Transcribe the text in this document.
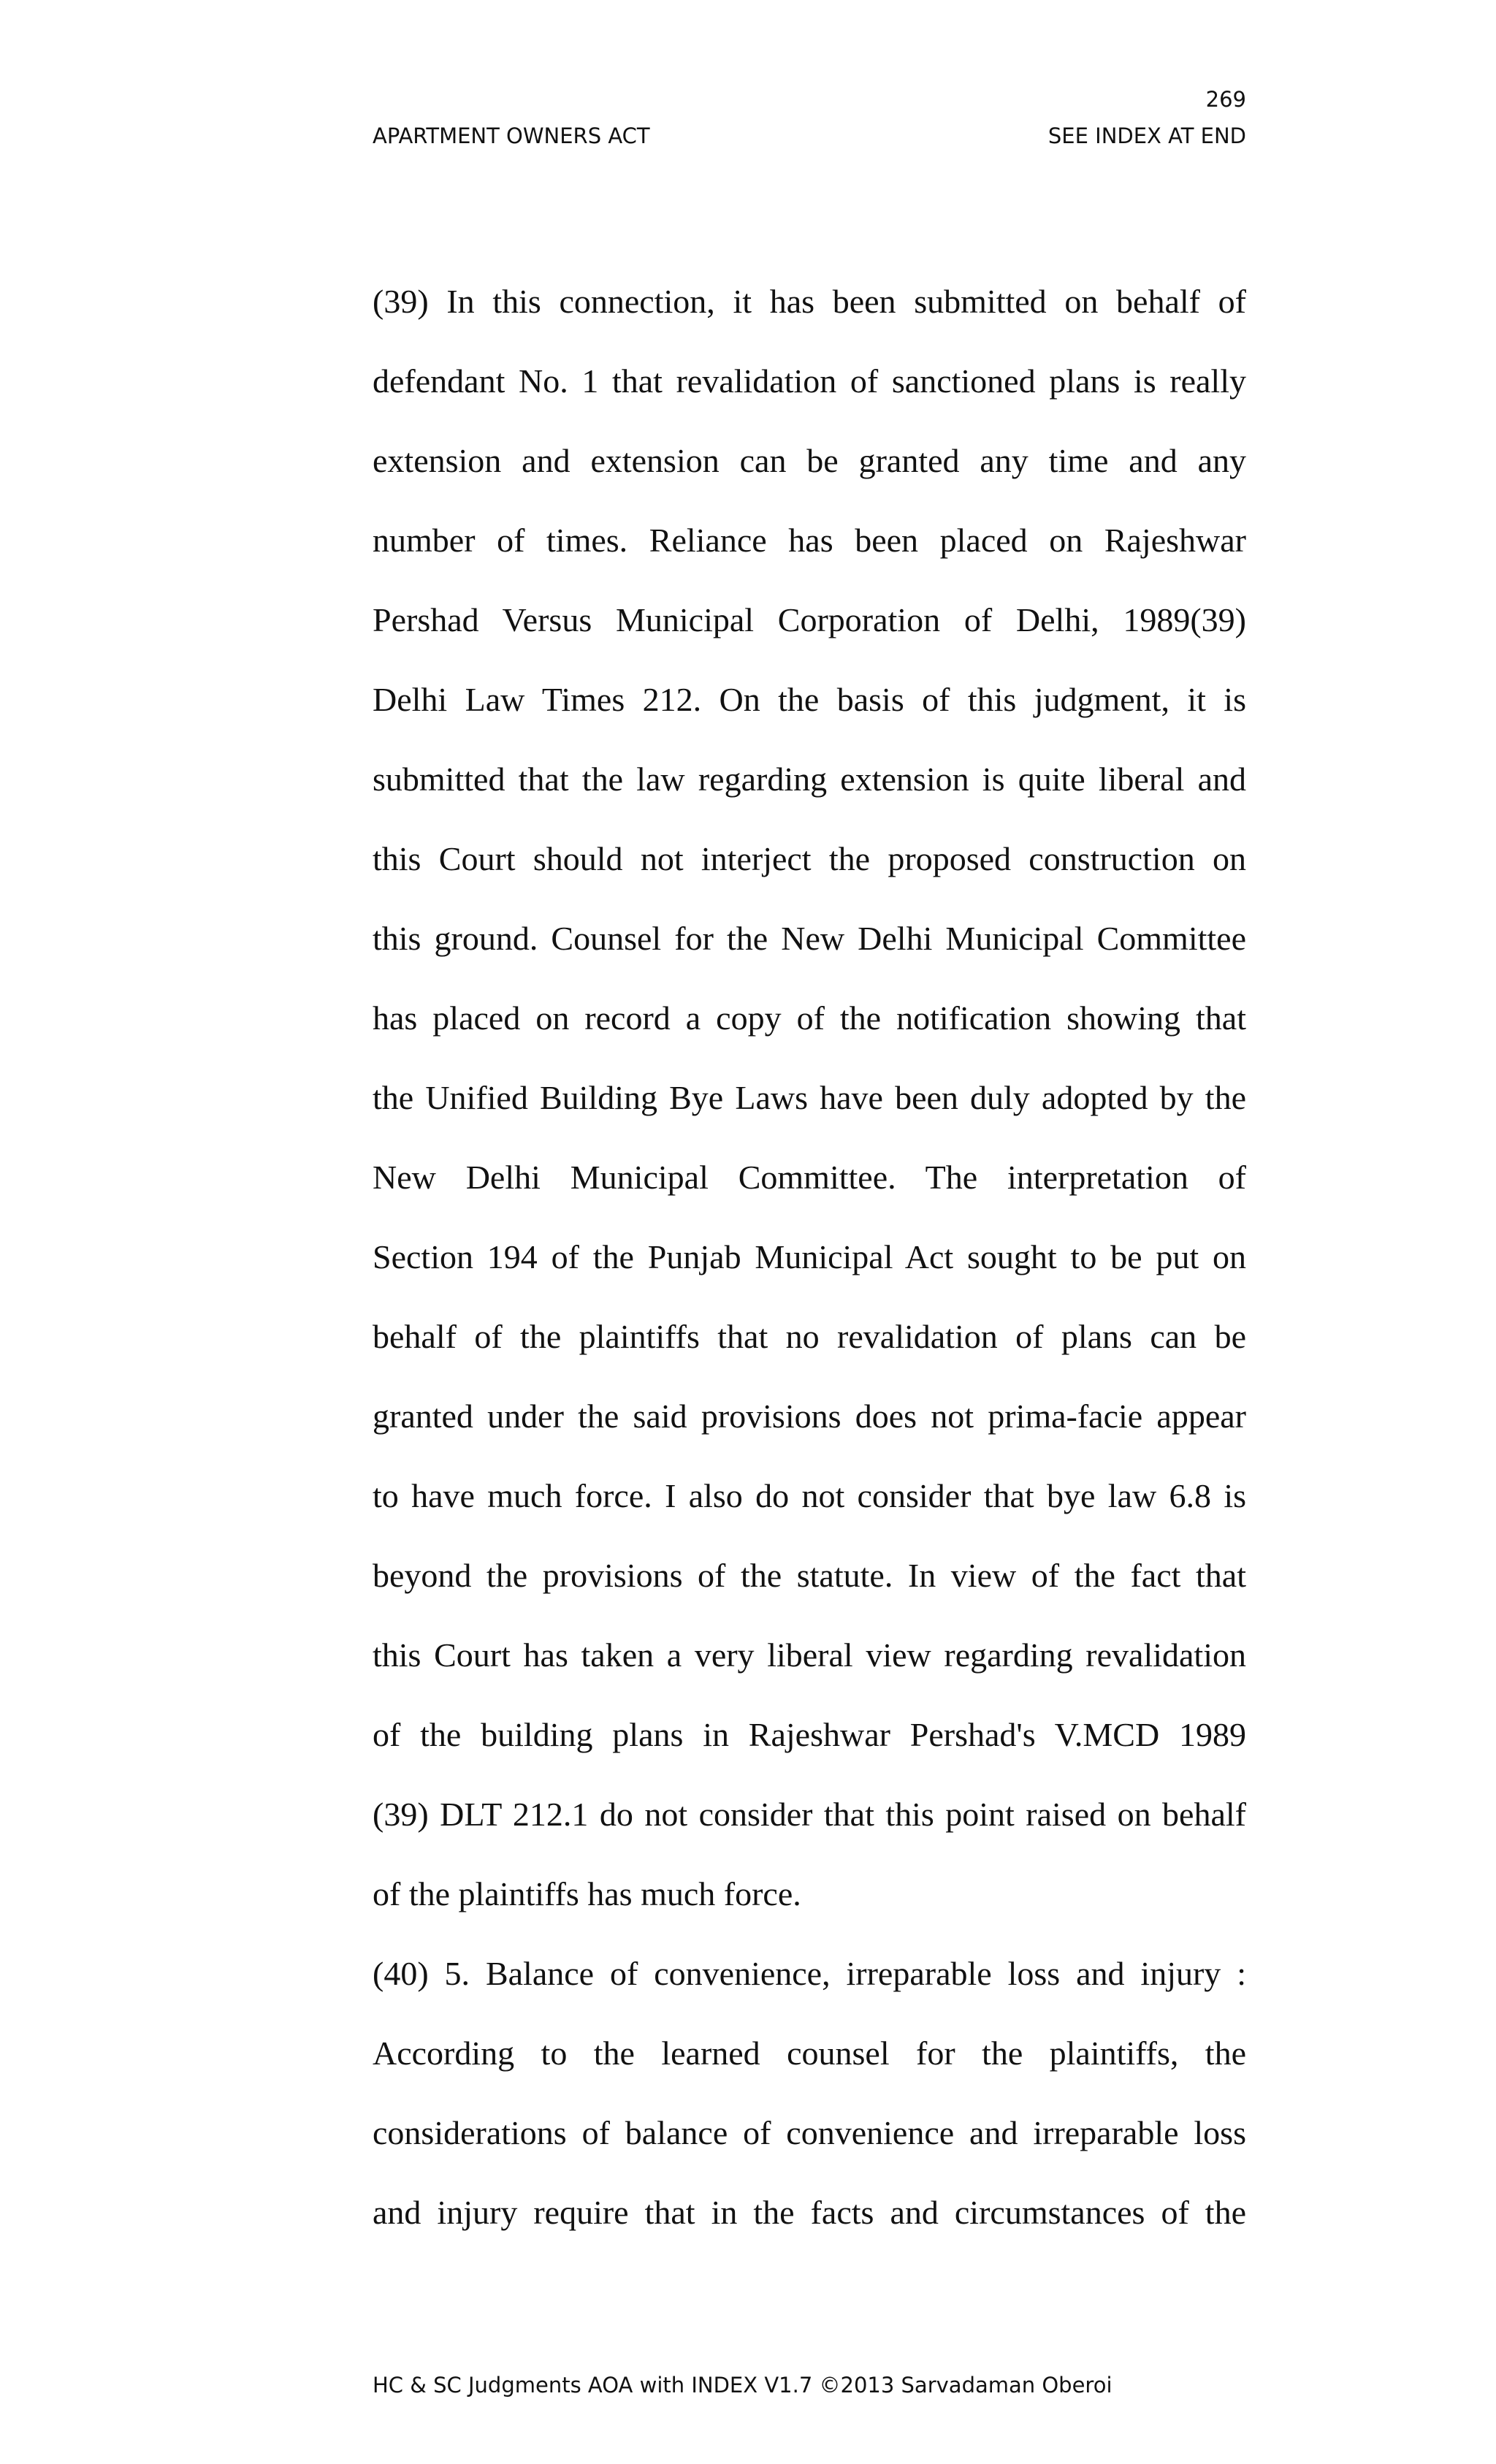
269
APARTMENT OWNERS ACT	SEE INDEX AT END
(39) In this connection, it has been submitted on behalf of
defendant No. 1 that revalidation of sanctioned plans is really
extension and extension can be granted any time and any
number of times. Reliance has been placed on Rajeshwar
Pershad Versus Municipal Corporation of Delhi, 1989(39)
Delhi Law Times 212. On the basis of this judgment, it is
submitted that the law regarding extension is quite liberal and
this Court should not interject the proposed construction on
this ground. Counsel for the New Delhi Municipal Committee
has placed on record a copy of the notification showing that
the Unified Building Bye Laws have been duly adopted by the
New Delhi Municipal Committee. The interpretation of
Section 194 of the Punjab Municipal Act sought to be put on
behalf of the plaintiffs that no revalidation of plans can be
granted under the said provisions does not prima-facie appear
to have much force. I also do not consider that bye law 6.8 is
beyond the provisions of the statute. In view of the fact that
this Court has taken a very liberal view regarding revalidation
of the building plans in Rajeshwar Pershad's V.MCD 1989
(39) DLT 212.1 do not consider that this point raised on behalf
of the plaintiffs has much force.
(40) 5. Balance of convenience, irreparable loss and injury :
According to the learned counsel for the plaintiffs, the
considerations of balance of convenience and irreparable loss
and injury require that in the facts and circumstances of the
HC & SC Judgments AOA with INDEX V1.7 ©2013 Sarvadaman Oberoi
